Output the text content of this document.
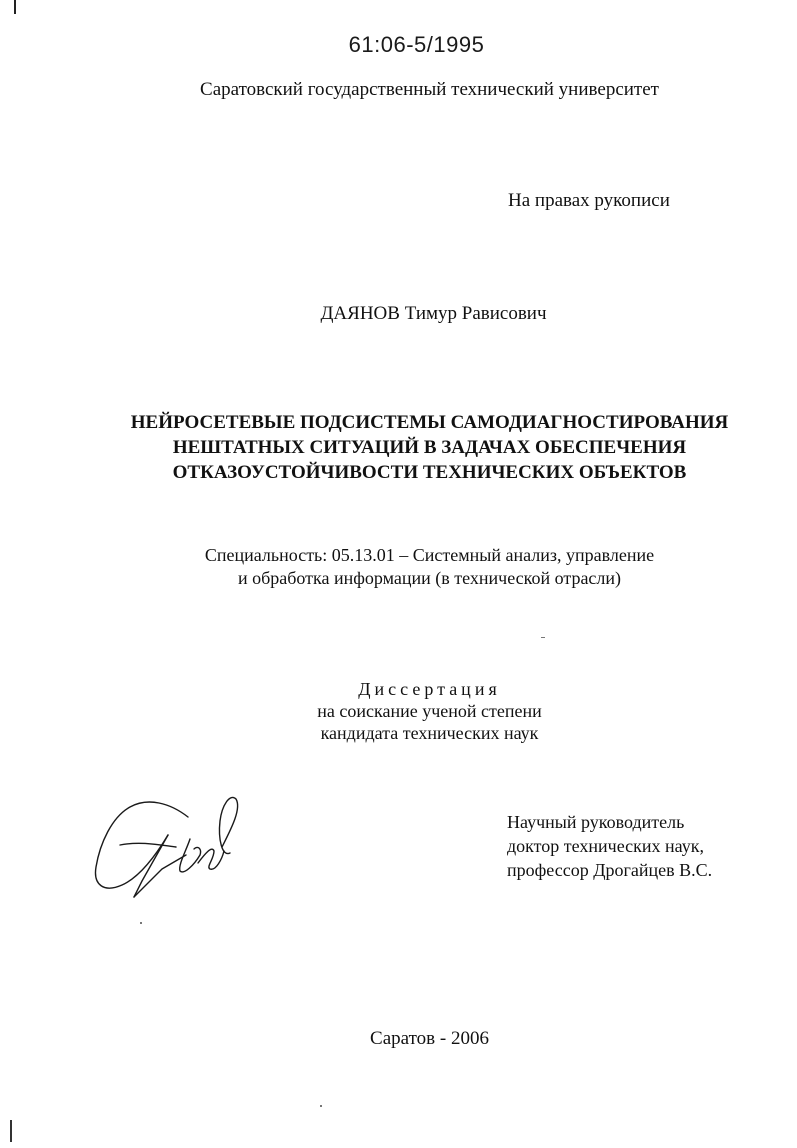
61:06-5/1995
Саратовский государственный технический университет
На правах рукописи
ДАЯНОВ Тимур Рависович
НЕЙРОСЕТЕВЫЕ ПОДСИСТЕМЫ САМОДИАГНОСТИРОВАНИЯ
НЕШТАТНЫХ СИТУАЦИЙ В ЗАДАЧАХ ОБЕСПЕЧЕНИЯ
ОТКАЗОУСТОЙЧИВОСТИ ТЕХНИЧЕСКИХ ОБЪЕКТОВ
Специальность: 05.13.01 – Системный анализ, управление
и обработка информации (в технической отрасли)
Диссертация
на соискание ученой степени
кандидата технических наук
Научный руководитель
доктор технических наук,
профессор Дрогайцев В.С.
Саратов - 2006
